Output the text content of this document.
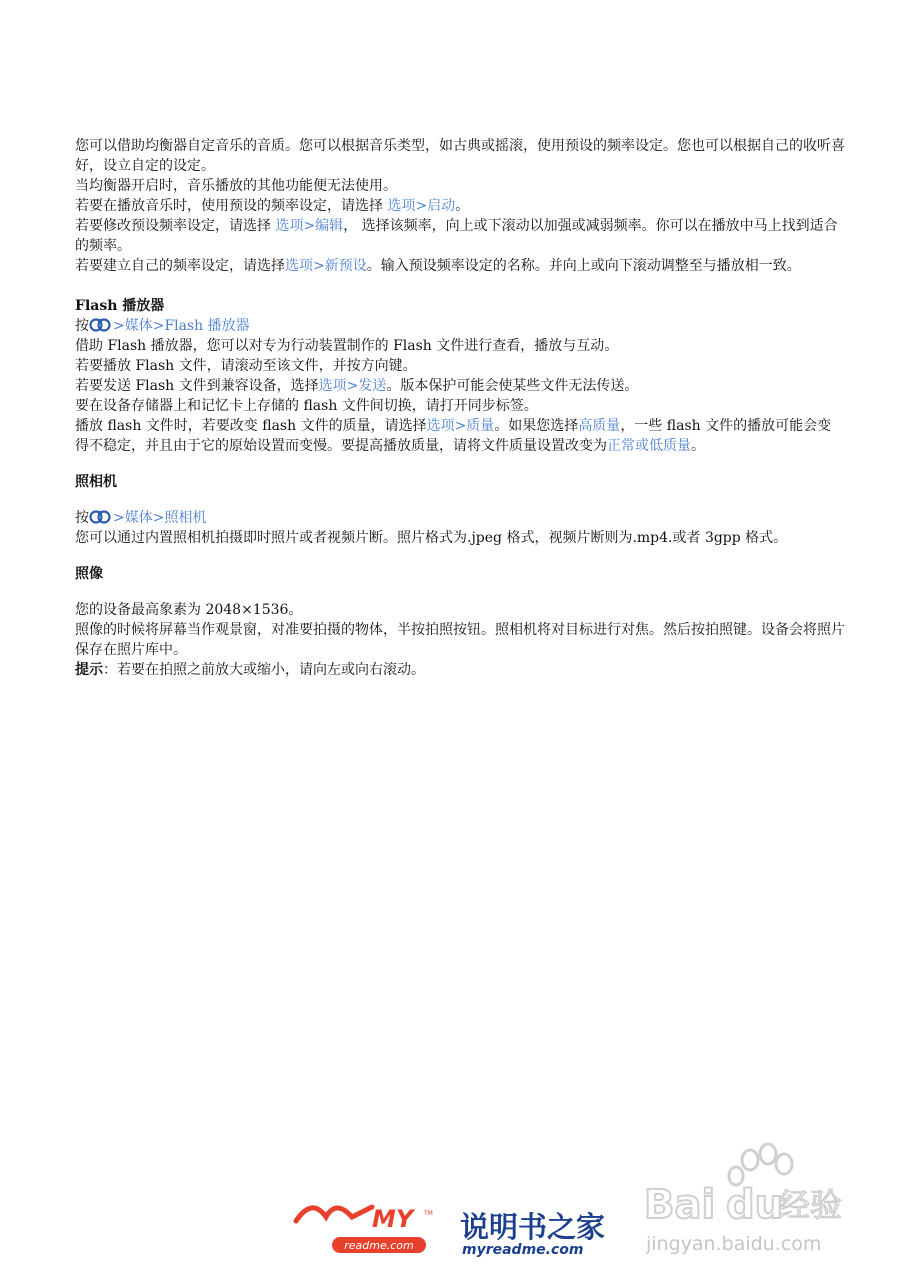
您可以借助均衡器自定音乐的音质。您可以根据音乐类型，如古典或摇滚，使用预设的频率设定。您也可以根据自己的收听喜好，设立自定的设定。

当均衡器开启时，音乐播放的其他功能便无法使用。

若要在播放音乐时，使用预设的频率设定，请选择 选项>启动。

若要修改预设频率设定，请选择 选项>编辑， 选择该频率，向上或下滚动以加强或减弱频率。你可以在播放中马上找到适合的频率。

若要建立自己的频率设定，请选择选项>新预设。输入预设频率设定的名称。并向上或向下滚动调整至与播放相一致。

Flash 播放器

按 >媒体>Flash 播放器

借助 Flash 播放器，您可以对专为行动装置制作的 Flash 文件进行查看，播放与互动。

若要播放 Flash 文件，请滚动至该文件，并按方向键。

若要发送 Flash 文件到兼容设备，选择选项>发送。版本保护可能会使某些文件无法传送。

要在设备存储器上和记忆卡上存储的 flash 文件间切换，请打开同步标签。

播放 flash 文件时，若要改变 flash 文件的质量，请选择选项>质量。如果您选择高质量，一些 flash 文件的播放可能会变得不稳定，并且由于它的原始设置而变慢。要提高播放质量，请将文件质量设置改变为正常或低质量。

照相机

按 >媒体>照相机

您可以通过内置照相机拍摄即时照片或者视频片断。照片格式为.jpeg 格式，视频片断则为.mp4.或者 3gpp 格式。

照像

您的设备最高象素为 2048×1536。

照像的时候将屏幕当作观景窗，对准要拍摄的物体，半按拍照按钮。照相机将对目标进行对焦。然后按拍照键。设备会将照片保存在照片库中。

提示：若要在拍照之前放大或缩小，请向左或向右滚动。

Bai du
经验
jingyan.baidu.com
MY	TM
readme.com
说明书之家
myreadme.com
